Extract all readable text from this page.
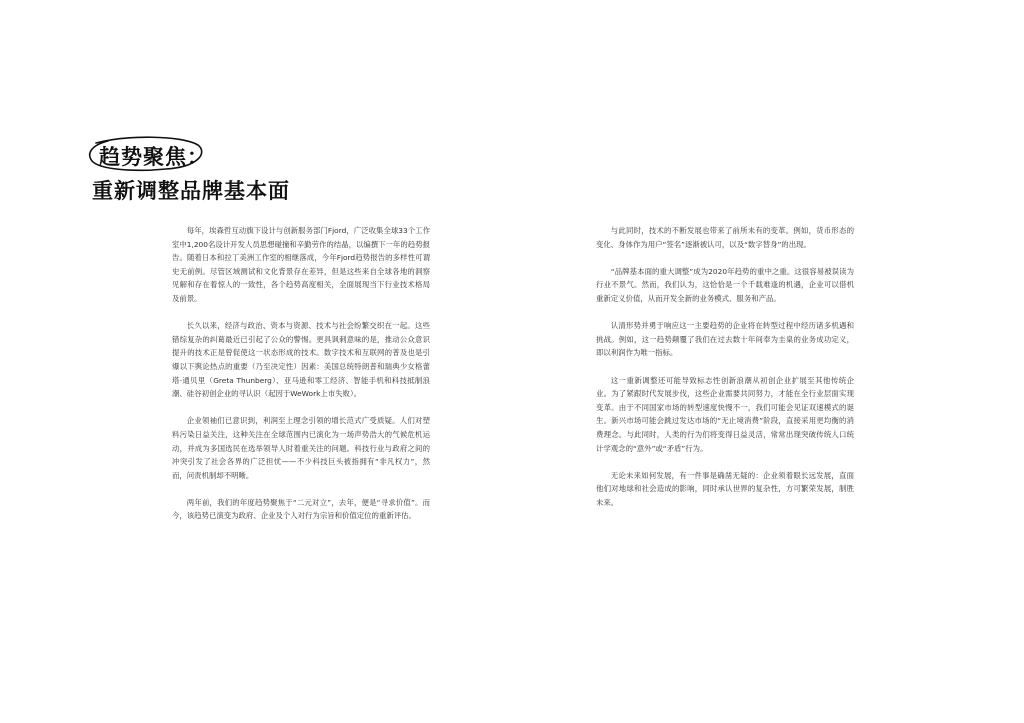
趋势聚焦：
重新调整品牌基本面

每年，埃森哲互动旗下设计与创新服务部门Fjord，广泛收集全球33个工作室中1,200名设计开发人员思想碰撞和辛勤劳作的结晶，以编撰下一年的趋势报告。随着日本和拉丁美洲工作室的相继落成，今年Fjord趋势报告的多样性可谓史无前例。尽管区域测试和文化背景存在差异，但是这些来自全球各地的洞察见解和存在着惊人的一致性，各个趋势高度相关，全面展现当下行业技术格局及前景。

长久以来，经济与政治、资本与资源、技术与社会纷繁交织在一起。这些错综复杂的纠葛最近已引起了公众的警惕。更具讽刺意味的是，推动公众意识提升的技术正是曾促使这一状态形成的技术。数字技术和互联网的普及也是引爆以下舆论热点的重要（乃至决定性）因素：美国总统特朗普和瑞典少女格蕾塔·通贝里（Greta Thunberg）、亚马逊和零工经济、智能手机和科技抵制浪潮、硅谷初创企业的寻认识（起因于WeWork上市失败）。

企业领袖们已意识到，利润至上理念引领的增长范式广受质疑。人们对塑料污染日益关注，这种关注在全球范围内已演化为一场声势浩大的气候危机运动，并成为多国选民在选举领导人时着重关注的问题。科技行业与政府之间的冲突引发了社会各界的广泛担忧——不少科技巨头被指拥有“非凡权力”，然而，问责机制却不明晰。

两年前，我们的年度趋势聚焦于“二元对立”，去年，便是“寻求价值”。而今，该趋势已演变为政府、企业及个人对行为宗旨和价值定位的重新评估。

与此同时，技术的不断发展也带来了前所未有的变革。例如，货币形态的变化、身体作为用户“签名”逐渐被认可，以及“数字替身”的出现。

“品牌基本面的重大调整”成为2020年趋势的重中之重。这很容易被误读为行业不景气。然而，我们认为，这恰恰是一个千载难逢的机遇，企业可以借机重新定义价值，从而开发全新的业务模式、服务和产品。

认清形势并勇于响应这一主要趋势的企业将在转型过程中经历诸多机遇和挑战。例如，这一趋势颠覆了我们在过去数十年间奉为圭臬的业务成功定义，即以利润作为唯一指标。

这一重新调整还可能导致标志性创新浪潮从初创企业扩展至其他传统企业。为了紧跟时代发展步伐，这些企业需要共同努力，才能在全行业层面实现变革。由于不同国家市场的转型速度快慢不一，我们可能会见证双速模式的诞生。新兴市场可能会跳过发达市场的“无止境消费”阶段，直接采用更均衡的消费理念。与此同时，人类的行为们将变得日益灵活，常常出现突破传统人口统计学观念的“意外”或“矛盾”行为。

无论未来如何发展，有一件事是确凿无疑的：企业须着眼长远发展，直面他们对地球和社会造成的影响，同时承认世界的复杂性，方可繁荣发展，制胜未来。
